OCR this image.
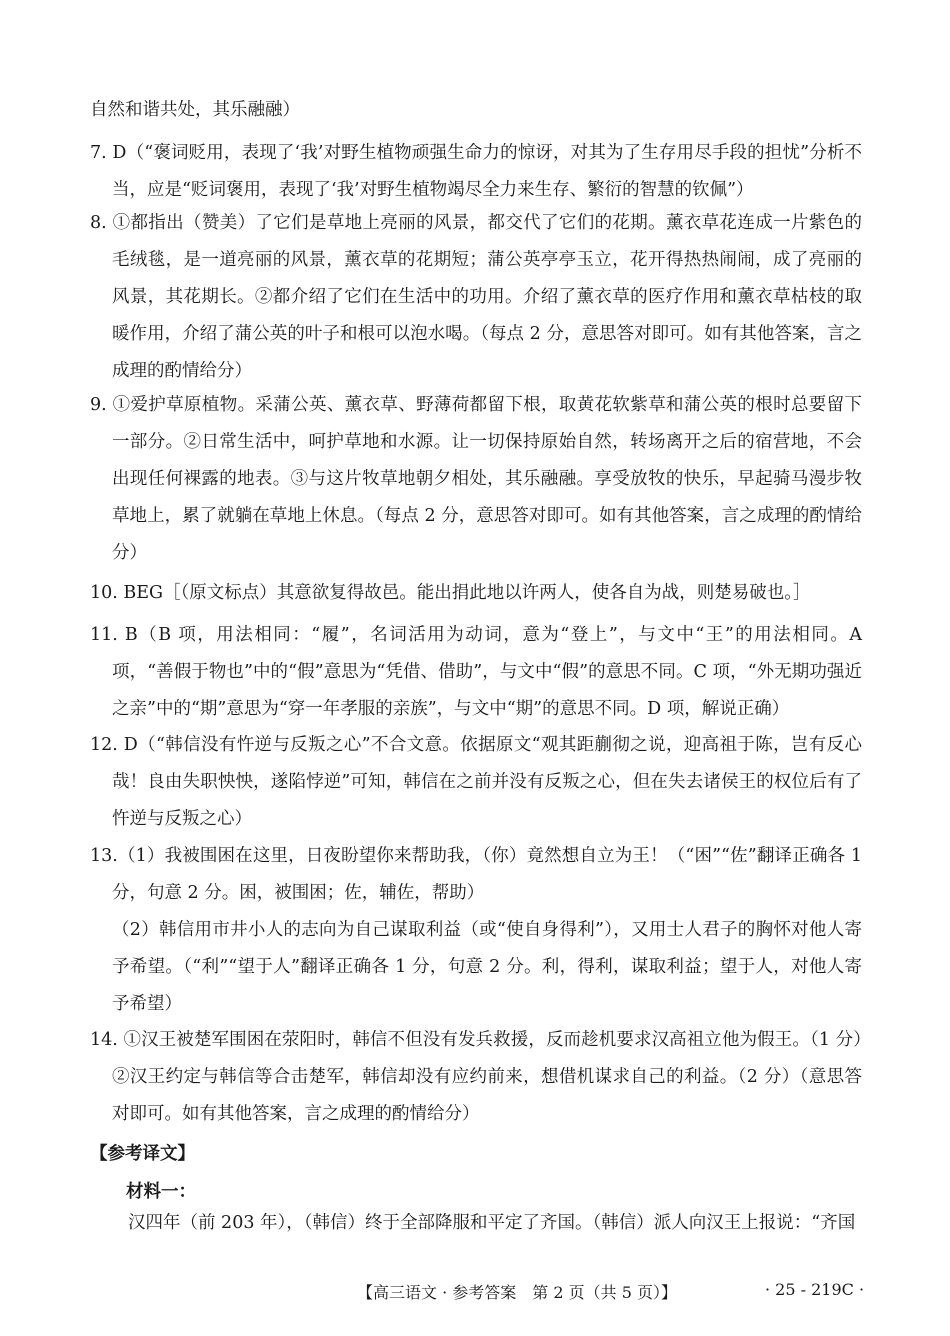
自然和谐共处，其乐融融）
7. D（“褒词贬用，表现了‘我’对野生植物顽强生命力的惊讶，对其为了生存用尽手段的担忧”分析不当，应是“贬词褒用，表现了‘我’对野生植物竭尽全力来生存、繁衍的智慧的钦佩”）
8. ①都指出（赞美）了它们是草地上亮丽的风景，都交代了它们的花期。薰衣草花连成一片紫色的毛绒毯，是一道亮丽的风景，薰衣草的花期短；蒲公英亭亭玉立，花开得热热闹闹，成了亮丽的风景，其花期长。②都介绍了它们在生活中的功用。介绍了薰衣草的医疗作用和薰衣草枯枝的取暖作用，介绍了蒲公英的叶子和根可以泡水喝。（每点 2 分，意思答对即可。如有其他答案，言之成理的酌情给分）
9. ①爱护草原植物。采蒲公英、薰衣草、野薄荷都留下根，取黄花软紫草和蒲公英的根时总要留下一部分。②日常生活中，呵护草地和水源。让一切保持原始自然，转场离开之后的宿营地，不会出现任何裸露的地表。③与这片牧草地朝夕相处，其乐融融。享受放牧的快乐，早起骑马漫步牧草地上，累了就躺在草地上休息。（每点 2 分，意思答对即可。如有其他答案，言之成理的酌情给分）
10. BEG［（原文标点）其意欲复得故邑。能出捐此地以许两人，使各自为战，则楚易破也。］
11. B（B 项，用法相同：“履”，名词活用为动词，意为“登上”，与文中“王”的用法相同。A 项，“善假于物也”中的“假”意思为“凭借、借助”，与文中“假”的意思不同。C 项，“外无期功强近之亲”中的“期”意思为“穿一年孝服的亲族”，与文中“期”的意思不同。D 项，解说正确）
12. D（“韩信没有忤逆与反叛之心”不合文意。依据原文“观其距蒯彻之说，迎高祖于陈，岂有反心哉！良由失职怏怏，遂陷悖逆”可知，韩信在之前并没有反叛之心，但在失去诸侯王的权位后有了忤逆与反叛之心）
13.（1）我被围困在这里，日夜盼望你来帮助我，（你）竟然想自立为王！（“困”“佐”翻译正确各 1 分，句意 2 分。困，被围困；佐，辅佐，帮助）
（2）韩信用市井小人的志向为自己谋取利益（或“使自身得利”），又用士人君子的胸怀对他人寄予希望。（“利”“望于人”翻译正确各 1 分，句意 2 分。利，得利，谋取利益；望于人，对他人寄予希望）
14. ①汉王被楚军围困在荥阳时，韩信不但没有发兵救援，反而趁机要求汉高祖立他为假王。（1 分）②汉王约定与韩信等合击楚军，韩信却没有应约前来，想借机谋求自己的利益。（2 分）（意思答对即可。如有其他答案，言之成理的酌情给分）
【参考译文】
材料一：
汉四年（前 203 年），（韩信）终于全部降服和平定了齐国。（韩信）派人向汉王上报说：“齐国
【高三语文 · 参考答案　第 2 页（共 5 页）】	· 25 - 219C ·
